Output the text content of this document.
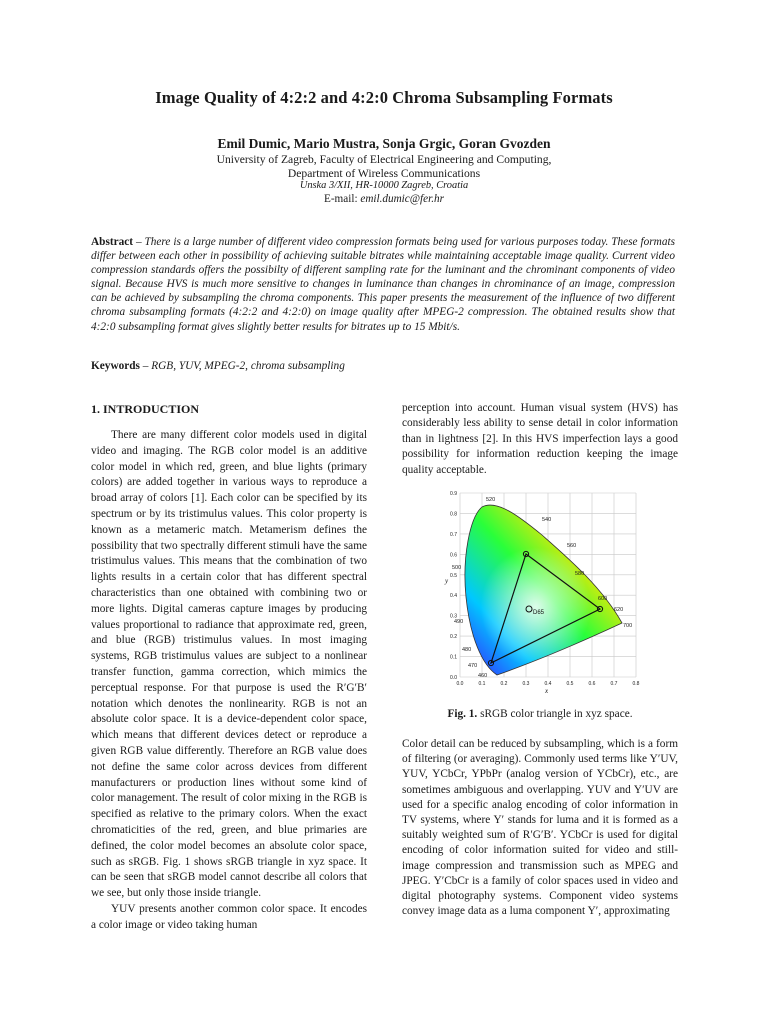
Image Quality of 4:2:2 and 4:2:0 Chroma Subsampling Formats
Emil Dumic, Mario Mustra, Sonja Grgic, Goran Gvozden
University of Zagreb, Faculty of Electrical Engineering and Computing,
Department of Wireless Communications
Unska 3/XII, HR-10000 Zagreb, Croatia
E-mail: emil.dumic@fer.hr
Abstract – There is a large number of different video compression formats being used for various purposes today. These formats differ between each other in possibility of achieving suitable bitrates while maintaining acceptable image quality. Current video compression standards offers the possibilty of different sampling rate for the luminant and the chrominant components of video signal. Because HVS is much more sensitive to changes in luminance than changes in chrominance of an image, compression can be achieved by subsampling the chroma components. This paper presents the measurement of the influence of two different chroma subsampling formats (4:2:2 and 4:2:0) on image quality after MPEG-2 compression. The obtained results show that 4:2:0 subsampling format gives slightly better results for bitrates up to 15 Mbit/s.
Keywords – RGB, YUV, MPEG-2, chroma subsampling
1. INTRODUCTION

There are many different color models used in digital video and imaging. The RGB color model is an additive color model in which red, green, and blue lights (primary colors) are added together in various ways to reproduce a broad array of colors [1]. Each color can be specified by its spectrum or by its tristimulus values. This color property is known as a metameric match. Metamerism defines the possibility that two spectrally different stimuli have the same tristimulus values. This means that the combination of two lights results in a certain color that has different spectral characteristics than one obtained with combining two or more lights. Digital cameras capture images by producing values proportional to radiance that approximate red, green, and blue (RGB) tristimulus values. In most imaging systems, RGB tristimulus values are subject to a nonlinear transfer function, gamma correction, which mimics the perceptual response. For that purpose is used the R′G′B′ notation which denotes the nonlinearity. RGB is not an absolute color space. It is a device-dependent color space, which means that different devices detect or reproduce a given RGB value differently. Therefore an RGB value does not define the same color across devices from different manufacturers or production lines without some kind of color management. The result of color mixing in the RGB is specified as relative to the primary colors. When the exact chromaticities of the red, green, and blue primaries are defined, the color model becomes an absolute color space, such as sRGB. Fig. 1 shows sRGB triangle in xyz space. It can be seen that sRGB model cannot describe all colors that we see, but only those inside triangle.

YUV presents another common color space. It encodes a color image or video taking human

perception into account. Human visual system (HVS) has considerably less ability to sense detail in color information than in lightness [2]. In this HVS imperfection lays a good possibility for information reduction keeping the image quality acceptable.

D65
520
540
560
580
600
620
700
500
490
480
470
460
0.9
0.8
0.7
0.6
0.5
0.4
0.3
0.2
0.1
0.0
0.0	0.1	0.2	0.3	0.4	0.5	0.6	0.7	0.8
y
x
Fig. 1. sRGB color triangle in xyz space.

Color detail can be reduced by subsampling, which is a form of filtering (or averaging). Commonly used terms like Y′UV, YUV, YCbCr, YPbPr (analog version of YCbCr), etc., are sometimes ambiguous and overlapping. YUV and Y′UV are used for a specific analog encoding of color information in TV systems, where Y′ stands for luma and it is formed as a suitably weighted sum of R′G′B′. YCbCr is used for digital encoding of color information suited for video and still-image compression and transmission such as MPEG and JPEG. Y′CbCr is a family of color spaces used in video and digital photography systems. Component video systems convey image data as a luma component Y′, approximating
